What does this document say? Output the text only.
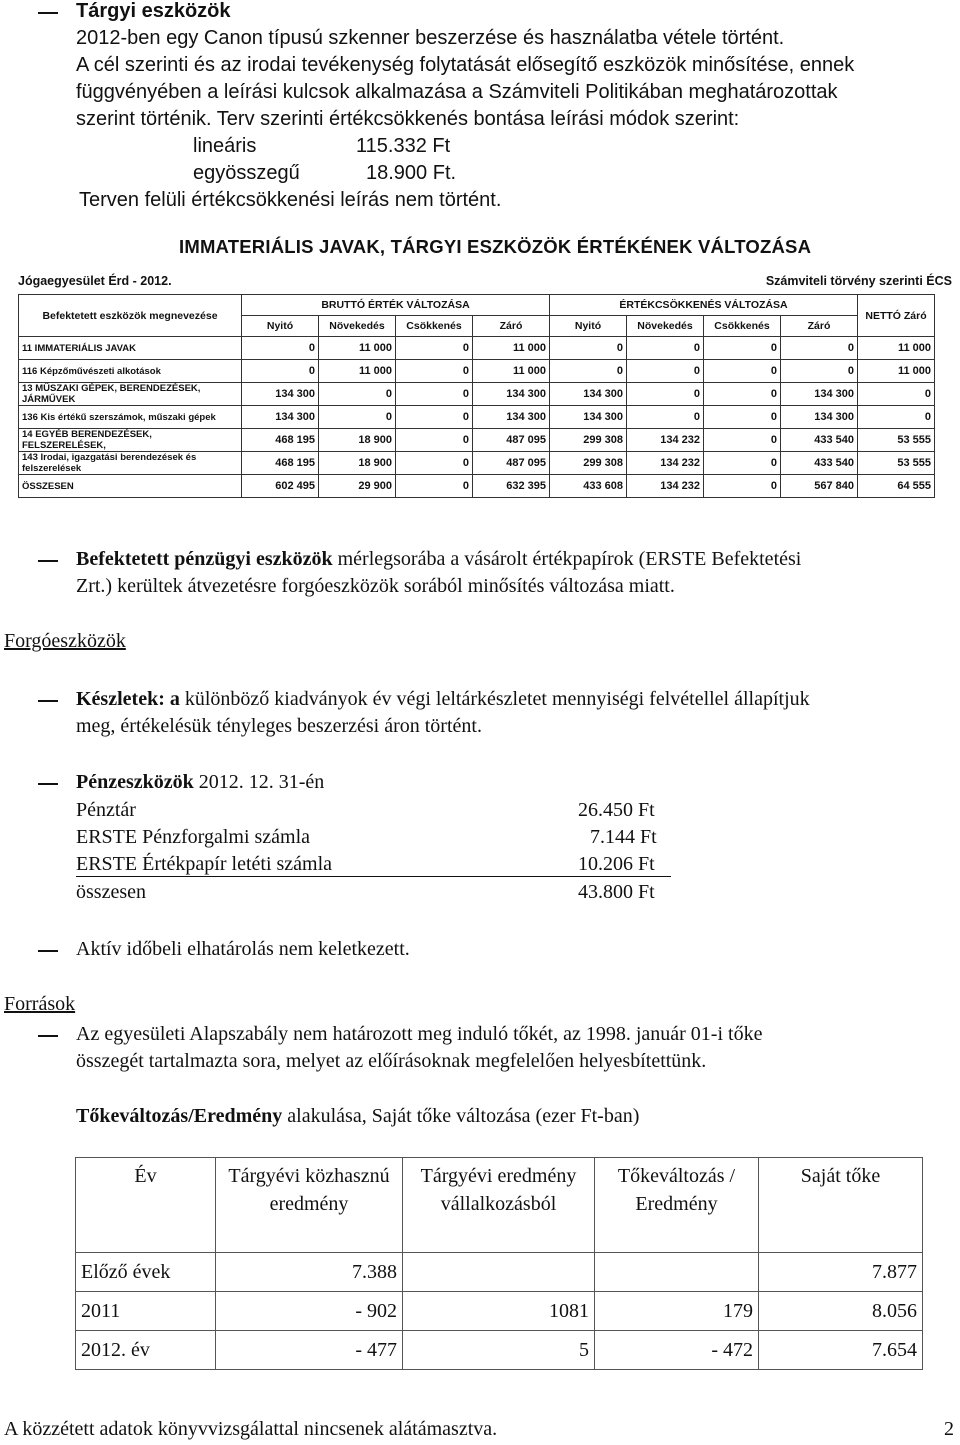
Tárgyi eszközök
2012-ben egy Canon típusú szkenner beszerzése és használatba vétele történt.
A cél szerinti és az irodai tevékenység folytatását elősegítő eszközök minősítése, ennek
függvényében a leírási kulcsok alkalmazása a Számviteli Politikában meghatározottak
szerint történik. Terv szerinti értékcsökkenés bontása leírási módok szerint:
lineáris	115.332 Ft
egyösszegű	18.900 Ft.
Terven felüli értékcsökkenési leírás nem történt.
IMMATERIÁLIS JAVAK, TÁRGYI ESZKÖZÖK ÉRTÉKÉNEK VÁLTOZÁSA
Jógaegyesület Érd - 2012.	Számviteli törvény szerinti ÉCS
Befektetett eszközök megnevezése	BRUTTÓ ÉRTÉK VÁLTOZÁSA				ÉRTÉKCSÖKKENÉS VÁLTOZÁSA				NETTÓ Záró
	Nyitó	Növekedés	Csökkenés	Záró	Nyitó	Növekedés	Csökkenés	Záró	
11 IMMATERIÁLIS JAVAK	0	11 000	0	11 000	0	0	0	0	11 000
116 Képzőművészeti alkotások	0	11 000	0	11 000	0	0	0	0	11 000
13 MŰSZAKI GÉPEK, BERENDEZÉSEK, JÁRMŰVEK	134 300	0	0	134 300	134 300	0	0	134 300	0
136 Kis értékű szerszámok, műszaki gépek	134 300	0	0	134 300	134 300	0	0	134 300	0
14 EGYÉB BERENDEZÉSEK, FELSZERELÉSEK,	468 195	18 900	0	487 095	299 308	134 232	0	433 540	53 555
143 Irodai, igazgatási berendezések és felszerelések	468 195	18 900	0	487 095	299 308	134 232	0	433 540	53 555
ÖSSZESEN	602 495	29 900	0	632 395	433 608	134 232	0	567 840	64 555
Befektetett pénzügyi eszközök mérlegsorába a vásárolt értékpapírok (ERSTE Befektetési
Zrt.) kerültek átvezetésre forgóeszközök sorából minősítés változása miatt.
Forgóeszközök
Készletek: a különböző kiadványok év végi leltárkészletet mennyiségi felvétellel állapítjuk
meg, értékelésük tényleges beszerzési áron történt.
Pénzeszközök 2012. 12. 31-én
Pénztár	26.450 Ft
ERSTE Pénzforgalmi számla	7.144 Ft
ERSTE Értékpapír letéti számla	10.206 Ft
összesen	43.800 Ft
Aktív időbeli elhatárolás nem keletkezett.
Források
Az egyesületi Alapszabály nem határozott meg induló tőkét, az 1998. január 01-i tőke
összegét tartalmazta sora, melyet az előírásoknak megfelelően helyesbítettünk.
Tőkeváltozás/Eredmény alakulása, Saját tőke változása (ezer Ft-ban)
Év	Tárgyévi közhasznú eredmény	Tárgyévi eredmény vállalkozásból	Tőkeváltozás / Eredmény	Saját tőke
Előző évek	7.388			7.877
2011	- 902	1081	179	8.056
2012. év	- 477	5	- 472	7.654
A közzétett adatok könyvvizsgálattal nincsenek alátámasztva.	2
